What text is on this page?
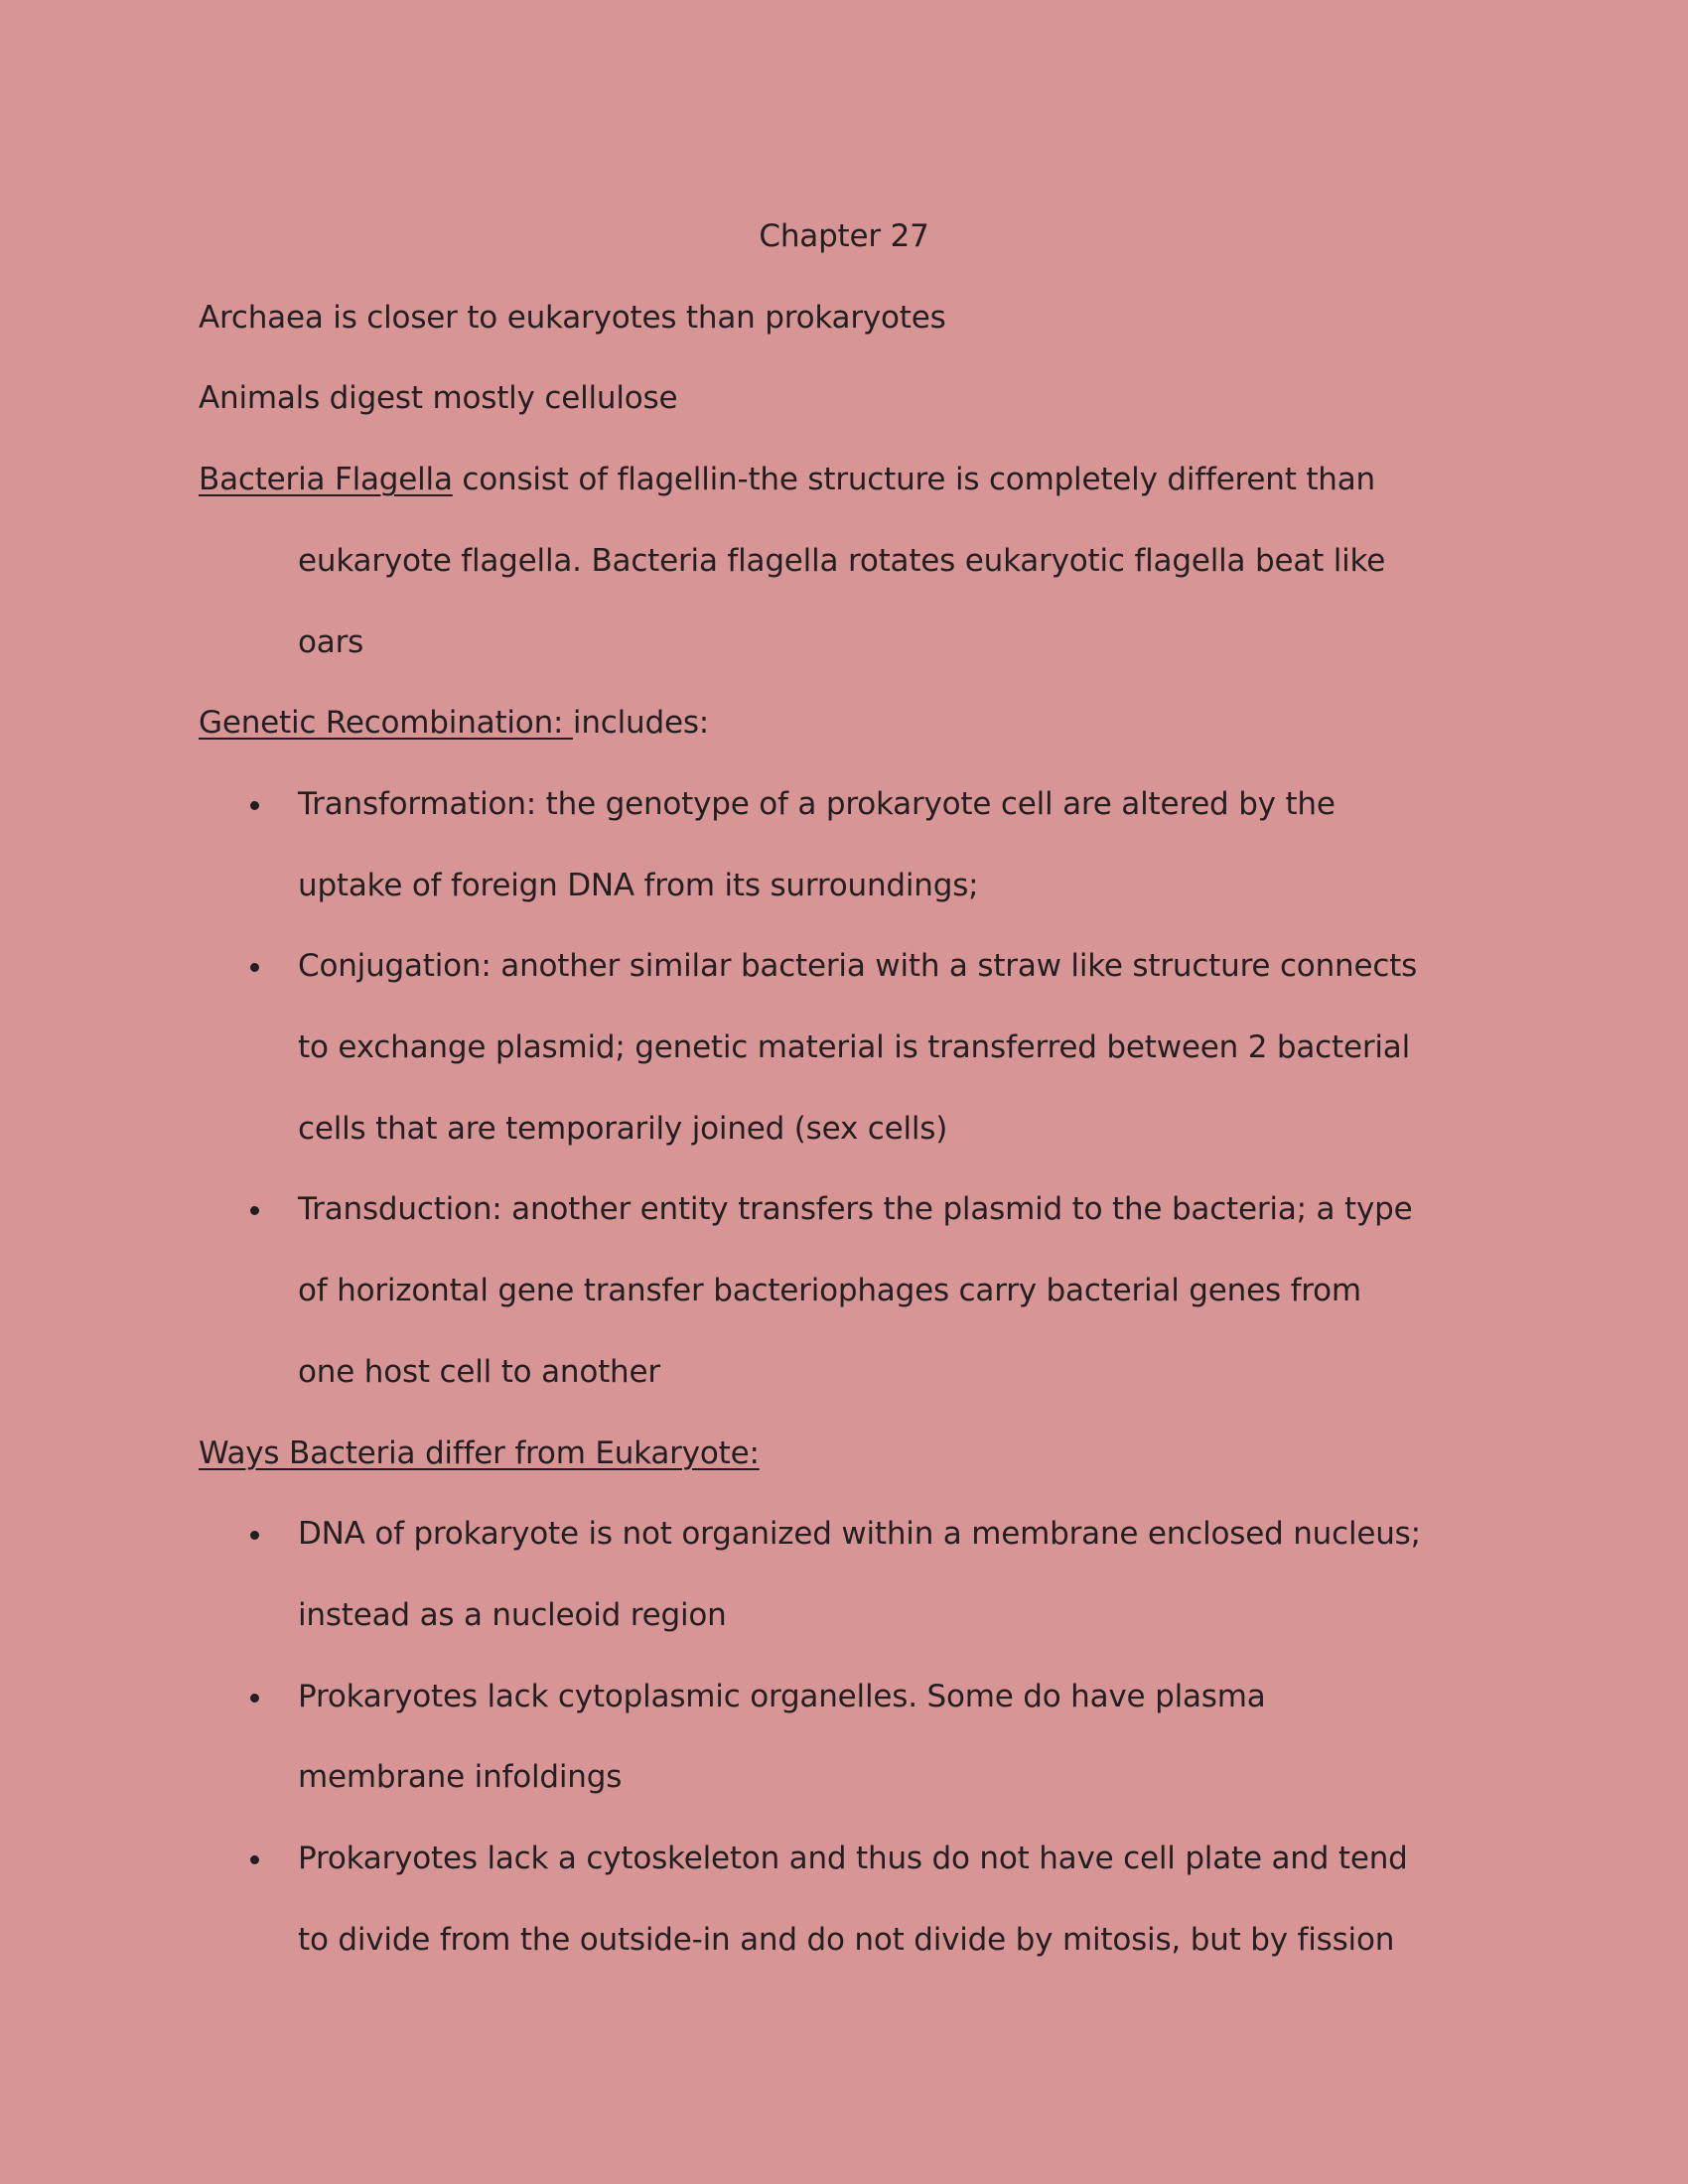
Chapter 27
Archaea is closer to eukaryotes than prokaryotes
Animals digest mostly cellulose
Bacteria Flagella consist of flagellin-the structure is completely different than
eukaryote flagella. Bacteria flagella rotates eukaryotic flagella beat like
oars
Genetic Recombination: includes:
Transformation: the genotype of a prokaryote cell are altered by the
uptake of foreign DNA from its surroundings;
Conjugation: another similar bacteria with a straw like structure connects
to exchange plasmid; genetic material is transferred between 2 bacterial
cells that are temporarily joined (sex cells)
Transduction: another entity transfers the plasmid to the bacteria; a type
of horizontal gene transfer bacteriophages carry bacterial genes from
one host cell to another
Ways Bacteria differ from Eukaryote:
DNA of prokaryote is not organized within a membrane enclosed nucleus;
instead as a nucleoid region
Prokaryotes lack cytoplasmic organelles. Some do have plasma
membrane infoldings
Prokaryotes lack a cytoskeleton and thus do not have cell plate and tend
to divide from the outside-in and do not divide by mitosis, but by fission
